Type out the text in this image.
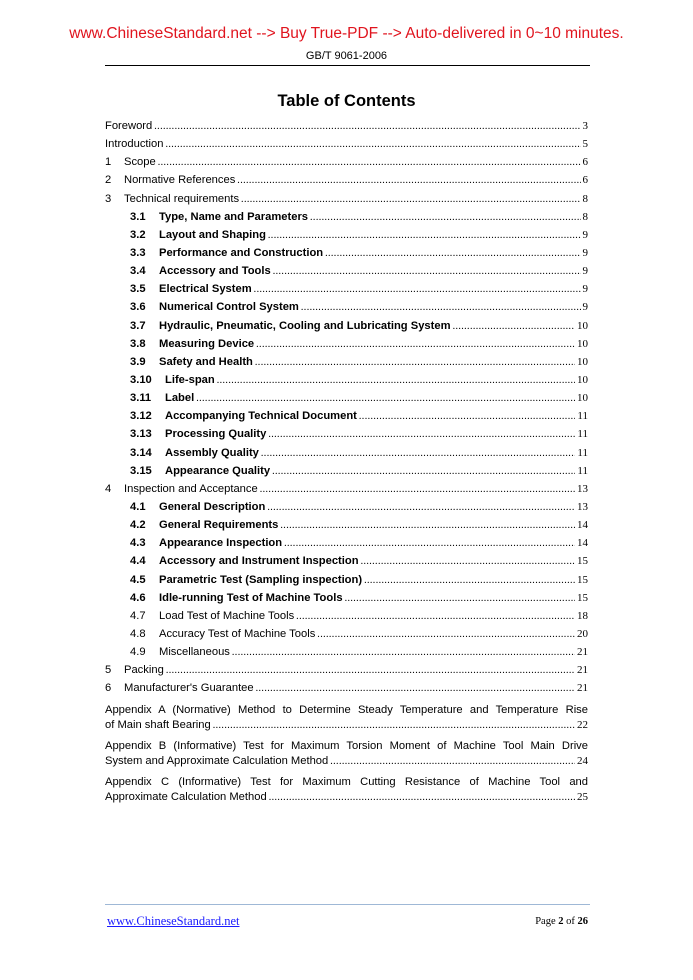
www.ChineseStandard.net --> Buy True-PDF --> Auto-delivered in 0~10 minutes.
GB/T 9061-2006
Table of Contents
Foreword .....	3
Introduction .....	5
1	Scope .....	6
2	Normative References .....	6
3	Technical requirements .....	8
3.1	Type, Name and Parameters .....	8
3.2	Layout and Shaping .....	9
3.3	Performance and Construction .....	9
3.4	Accessory and Tools .....	9
3.5	Electrical System .....	9
3.6	Numerical Control System .....	9
3.7	Hydraulic, Pneumatic, Cooling and Lubricating System .....	10
3.8	Measuring Device .....	10
3.9	Safety and Health .....	10
3.10	Life-span .....	10
3.11	Label .....	10
3.12	Accompanying Technical Document .....	11
3.13	Processing Quality .....	11
3.14	Assembly Quality .....	11
3.15	Appearance Quality .....	11
4	Inspection and Acceptance .....	13
4.1	General Description .....	13
4.2	General Requirements .....	14
4.3	Appearance Inspection .....	14
4.4	Accessory and Instrument Inspection .....	15
4.5	Parametric Test (Sampling inspection) .....	15
4.6	Idle-running Test of Machine Tools .....	15
4.7	Load Test of Machine Tools .....	18
4.8	Accuracy Test of Machine Tools .....	20
4.9	Miscellaneous .....	21
5	Packing .....	21
6	Manufacturer's Guarantee .....	21
Appendix A (Normative) Method to Determine Steady Temperature and Temperature Rise
of Main shaft Bearing .....	22
Appendix B (Informative) Test for Maximum Torsion Moment of Machine Tool Main Drive
System and Approximate Calculation Method .....	24
Appendix C (Informative) Test for Maximum Cutting Resistance of Machine Tool and
Approximate Calculation Method .....	25
www.ChineseStandard.net	Page 2 of 26
